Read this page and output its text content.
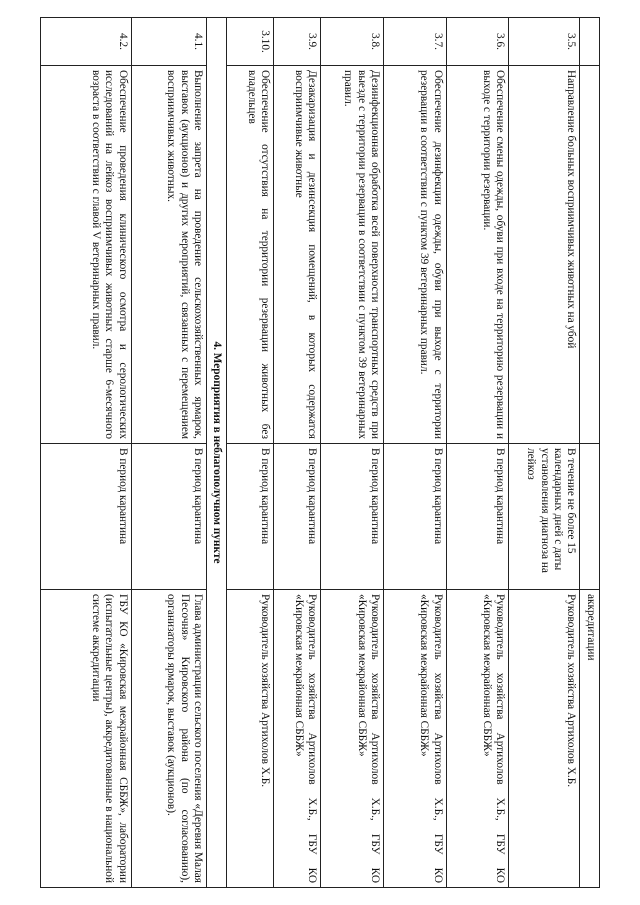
			аккредитации
3.5.	Направление больных восприимчивых животных на убой	В течение не более 15 календарных дней с даты установления диагноза на лейкоз	Руководитель хозяйства Артихолов Х.Б.
3.6.	Обеспечение смены одежды, обуви при входе на территорию резервации и выходе с территории резервации.	В период карантина	Руководитель хозяйства Артихолов Х.Б., ГБУ КО «Кировская межрайонная СББЖ»
3.7.	Обеспечение дезинфекции одежды, обуви при выходе с территории резервации в соответствии с пунктом 39 ветеринарных правил.	В период карантина	Руководитель хозяйства Артихолов Х.Б., ГБУ КО «Кировская межрайонная СББЖ»
3.8.	Дезинфекционная обработка всей поверхности транспортных средств при выезде с территории резервации в соответствии с пунктом 39 ветеринарных правил.	В период карантина	Руководитель хозяйства Артихолов Х.Б., ГБУ КО «Кировская межрайонная СББЖ»
3.9.	Дезакаризация и дезинсекция помещений, в которых содержатся восприимчивые животные	В период карантина	Руководитель хозяйства Артихолов Х.Б., ГБУ КО «Кировская межрайонная СББЖ»
3.10.	Обеспечение отсутствия на территории резервации животных без владельцев	В период карантина	Руководитель хозяйства Артихолов Х.Б.
4. Мероприятия в неблагополучном пункте			
4.1.	Выполнение запрета на проведение сельскохозяйственных ярмарок, выставок (аукционов) и других мероприятий, связанных с перемещением восприимчивых животных.	В период карантина	Глава администрации сельского поселения «Деревня Малая Песочня» Кировского района (по согласованию), организаторы ярмарок, выставок (аукционов).
4.2.	Обеспечение проведения клинического осмотра и серологических исследований на лейкоз восприимчивых животных старше 6-месячного возраста в соответствии с главой V ветеринарных правил.	В период карантина	ГБУ КО «Кировская межрайонная СББЖ», лаборатории (испытательные центры), аккредитованные в национальной системе аккредитации
